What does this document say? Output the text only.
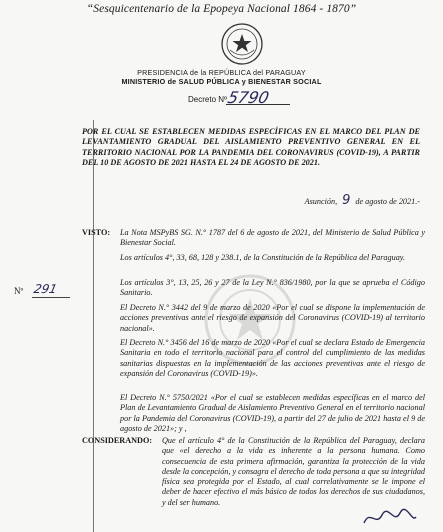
“Sesquicentenario de la Epopeya Nacional 1864 - 1870”
PRESIDENCIA de la REPÚBLICA del PARAGUAY
MINISTERIO de SALUD PÚBLICA y BIENESTAR SOCIAL
Decreto Nº 5790
POR EL CUAL SE ESTABLECEN MEDIDAS ESPECÍFICAS EN EL MARCO DEL PLAN DE LEVANTAMIENTO GRADUAL DEL AISLAMIENTO PREVENTIVO GENERAL EN EL TERRITORIO NACIONAL POR LA PANDEMIA DEL CORONAVIRUS (COVID-19), A PARTIR DEL 10 DE AGOSTO DE 2021 HASTA EL 24 DE AGOSTO DE 2021.
Asunción, 9 de agosto de 2021.-
VISTO: La Nota MSPyBS SG. N.° 1787 del 6 de agosto de 2021, del Ministerio de Salud Pública y Bienestar Social.
Los artículos 4°, 33, 68, 128 y 238.1, de la Constitución de la República del Paraguay.
Los artículos 3°, 13, 25, 26 y 27 de la Ley N.° 836/1980, por la que se aprueba el Código Sanitario.
El Decreto N.° 3442 del 9 de marzo de 2020 «Por el cual se dispone la implementación de acciones preventivas ante el riesgo de expansión del Coronavirus (COVID-19) al territorio nacional».
El Decreto N.° 3456 del 16 de marzo de 2020 «Por el cual se declara Estado de Emergencia Sanitaria en todo el territorio nacional para el control del cumplimiento de las medidas sanitarias dispuestas en la implementación de las acciones preventivas ante el riesgo de expansión del Coronavirus (COVID-19)».
El Decreto N.° 5750/2021 «Por el cual se establecen medidas específicas en el marco del Plan de Levantamiento Gradual de Aislamiento Preventivo General en el territorio nacional por la Pandemia del Coronavirus (COVID-19), a partir del 27 de julio de 2021 hasta el 9 de agosto de 2021»; y ,
Nº 291
CONSIDERANDO: Que el artículo 4° de la Constitución de la República del Paraguay, declara que «el derecho a la vida es inherente a la persona humana. Como consecuencia de esta primera afirmación, garantiza la protección de la vida desde la concepción, y consagra el derecho de toda persona a que su integridad física sea protegida por el Estado, al cual correlativamente se le impone el deber de hacer efectivo el más básico de todos los derechos de sus ciudadanos, y del ser humano.
